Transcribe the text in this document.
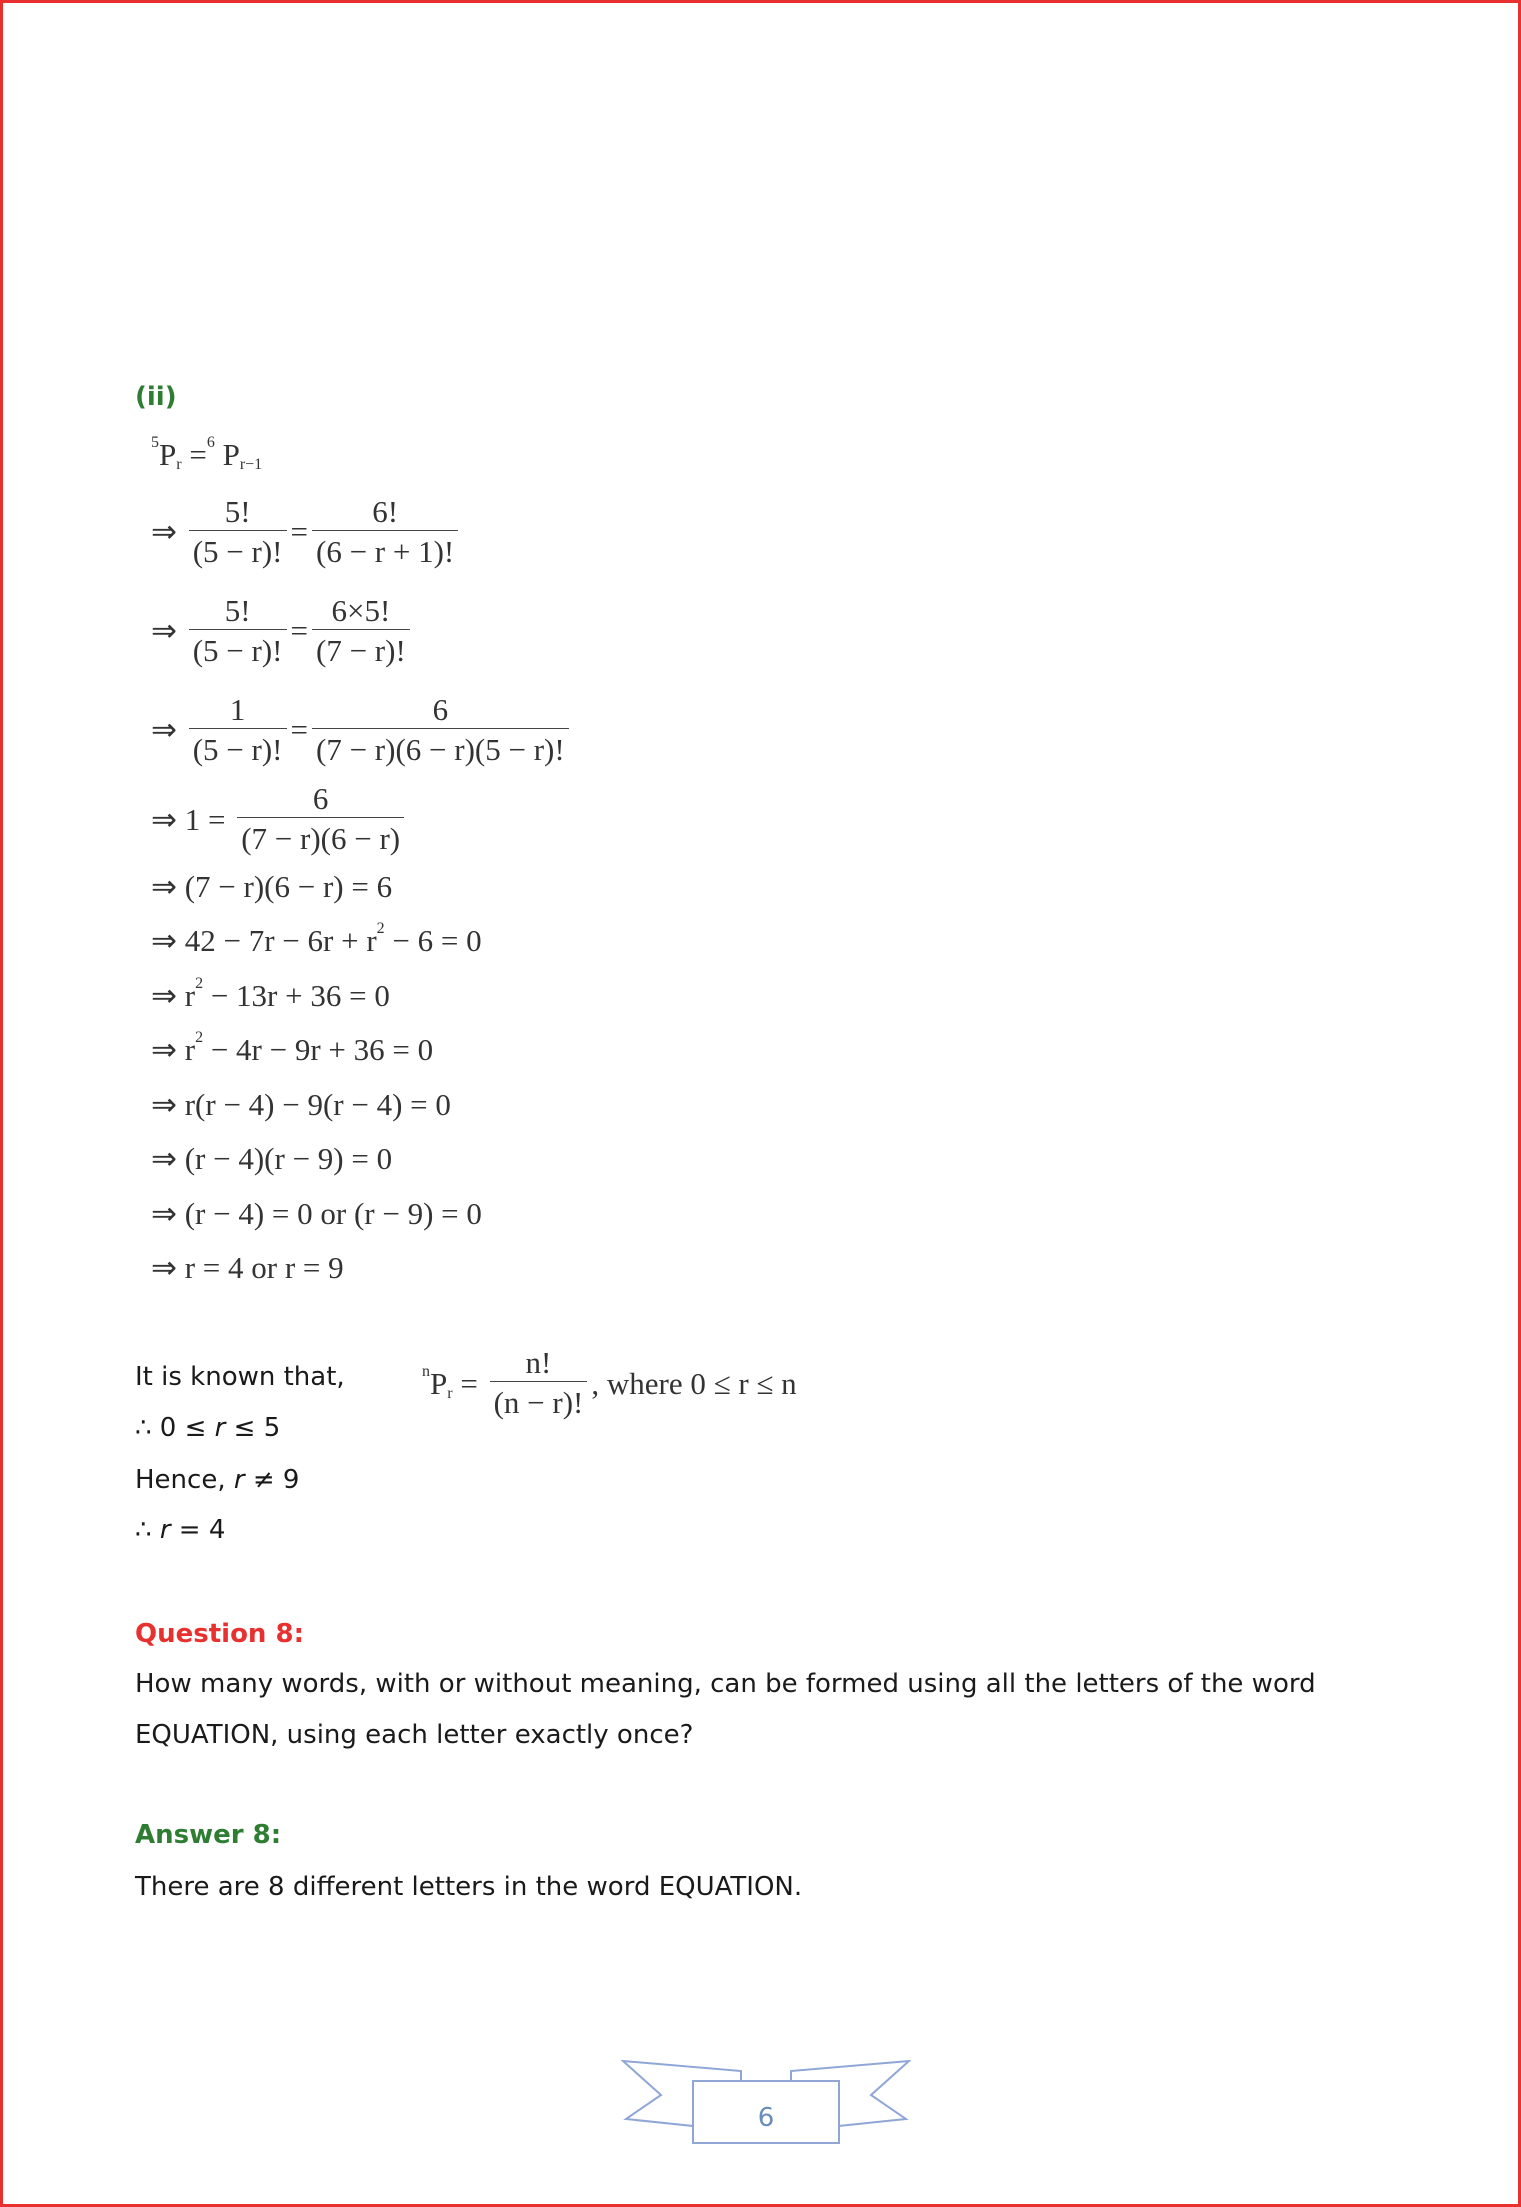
(ii)
5 P r = 6 P r−1
⇒ $\frac{5!}{(5 - r)!} = \frac{6!}{(6 - r + 1)!}$
⇒ $\frac{5!}{(5 - r)!} = \frac{6\times 5!}{(7 - r)!}$
⇒ $\frac{1}{(5 - r)!} = \frac{6}{(7 - r)(6 - r)(5 - r)!}$
⇒ $1 = \frac{6}{(7 - r)(6 - r)}$
⇒ (7 − r)(6 − r) = 6
⇒ 42 − 7r − 6r + r 2 − 6 = 0
⇒ r 2 − 13r + 36 = 0
⇒ r 2 − 4r − 9r + 36 = 0
⇒ r(r − 4) − 9(r − 4) = 0
⇒ (r − 4)(r − 9) = 0
⇒ (r − 4) = 0 or (r − 9) = 0
⇒ r = 4 or r = 9
It is known that,	n P $r = \frac{n!}{(n - r)!}$ , where 0 ≤ r ≤ n
∴ 0 ≤ r ≤ 5
Hence, r ≠ 9
∴ r = 4
Question 8:
How many words, with or without meaning, can be formed using all the letters of the word
EQUATION, using each letter exactly once?
Answer 8:
There are 8 different letters in the word EQUATION.
6
